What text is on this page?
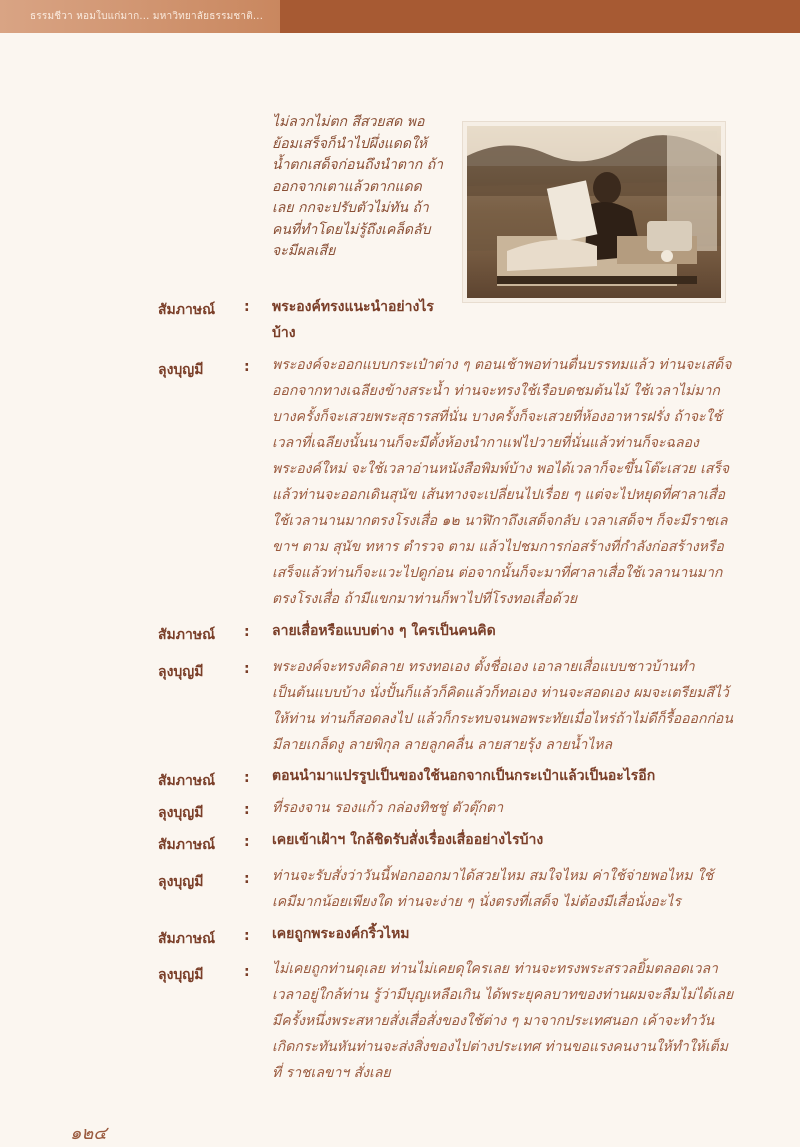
ธรรมชีวา หอมใบแก่มาก... มหาวิทยาลัยธรรมชาติ...

ไม่ลวกไม่ตก สีสวยสด พอ

ย้อมเสร็จก็นำไปผึ่งแดดให้

น้ำตกเสด็จก่อนถึงนำตาก ถ้า

ออกจากเตาแล้วตากแดด

เลย กกจะปรับตัวไม่ทัน ถ้า

คนที่ทำโดยไม่รู้ถึงเคล็ดลับ

จะมีผลเสีย

สัมภาษณ์ : พระองค์ทรงแนะนำอย่างไรบ้าง
ลุงบุญมี	: พระองค์จะออกแบบกระเป๋าต่าง ๆ ตอนเช้าพอท่านตื่นบรรทมแล้ว ท่านจะเสด็จออกจากทางเฉลียงข้างสระน้ำ ท่านจะทรงใช้เรือบดชมต้นไม้ ใช้เวลาไม่มาก บางครั้งก็จะเสวยพระสุธารสที่นั่น บางครั้งก็จะเสวยที่ห้องอาหารฝรั่ง ถ้าจะใช้เวลาที่เฉลียงนั้นนานก็จะมีตั้งห้องนำกาแฟไปวายที่นั่นแล้วท่านก็จะฉลองพระองค์ใหม่ จะใช้เวลาอ่านหนังสือพิมพ์บ้าง พอได้เวลาก็จะขึ้นโต๊ะเสวย เสร็จแล้วท่านจะออกเดินสุนัข เส้นทางจะเปลี่ยนไปเรื่อย ๆ แต่จะไปหยุดที่ศาลาเสื่อใช้เวลานานมากตรงโรงเสื่อ ๑๒ นาฬิกาถึงเสด็จกลับ เวลาเสด็จฯ ก็จะมีราชเลขาฯ ตาม สุนัข ทหาร ตำรวจ ตาม แล้วไปชมการก่อสร้างที่กำลังก่อสร้างหรือเสร็จแล้วท่านก็จะแวะไปดูก่อน ต่อจากนั้นก็จะมาที่ศาลาเสื่อใช้เวลานานมากตรงโรงเสื่อ ถ้ามีแขกมาท่านก็พาไปที่โรงทอเสื่อด้วย
สัมภาษณ์ : ลายเสื่อหรือแบบต่าง ๆ ใครเป็นคนคิด
ลุงบุญมี	: พระองค์จะทรงคิดลาย ทรงทอเอง ตั้งชื่อเอง เอาลายเสื่อแบบชาวบ้านทำเป็นต้นแบบบ้าง นั่งปั้นก็แล้วก็คิดแล้วก็ทอเอง ท่านจะสอดเอง ผมจะเตรียมสีไว้ให้ท่าน ท่านก็สอดลงไป แล้วก็กระทบจนพอพระทัยเมื่อไหร่ถ้าไม่ดีก็รื้อออกก่อน มีลายเกล็ดงู ลายพิกุล ลายลูกคลื่น ลายสายรุ้ง ลายน้ำไหล
สัมภาษณ์ : ตอนนำมาแปรรูปเป็นของใช้นอกจากเป็นกระเป๋าแล้วเป็นอะไรอีก
ลุงบุญมี	: ที่รองจาน รองแก้ว กล่องทิชชู่ ตัวตุ๊กตา
สัมภาษณ์ : เคยเข้าเฝ้าฯ ใกล้ชิดรับสั่งเรื่องเสื่ออย่างไรบ้าง
ลุงบุญมี	: ท่านจะรับสั่งว่าวันนี้ฟอกออกมาได้สวยไหม สมใจไหม ค่าใช้จ่ายพอไหม ใช้เคมีมากน้อยเพียงใด ท่านจะง่าย ๆ นั่งตรงที่เสด็จ ไม่ต้องมีเสื่อนั่งอะไร
สัมภาษณ์ : เคยถูกพระองค์กริ้วไหม
ลุงบุญมี	: ไม่เคยถูกท่านดุเลย ท่านไม่เคยดุใครเลย ท่านจะทรงพระสรวลยิ้มตลอดเวลา เวลาอยู่ใกล้ท่าน รู้ว่ามีบุญเหลือเกิน ได้พระยุคลบาทของท่านผมจะลืมไม่ได้เลย มีครั้งหนึ่งพระสหายสั่งเสื่อสั่งของใช้ต่าง ๆ มาจากประเทศนอก เค้าจะทำวันเกิดกระทันหันท่านจะส่งสิ่งของไปต่างประเทศ ท่านขอแรงคนงานให้ทำให้เต็มที่ ราชเลขาฯ สั่งเลย
๑๒๔
